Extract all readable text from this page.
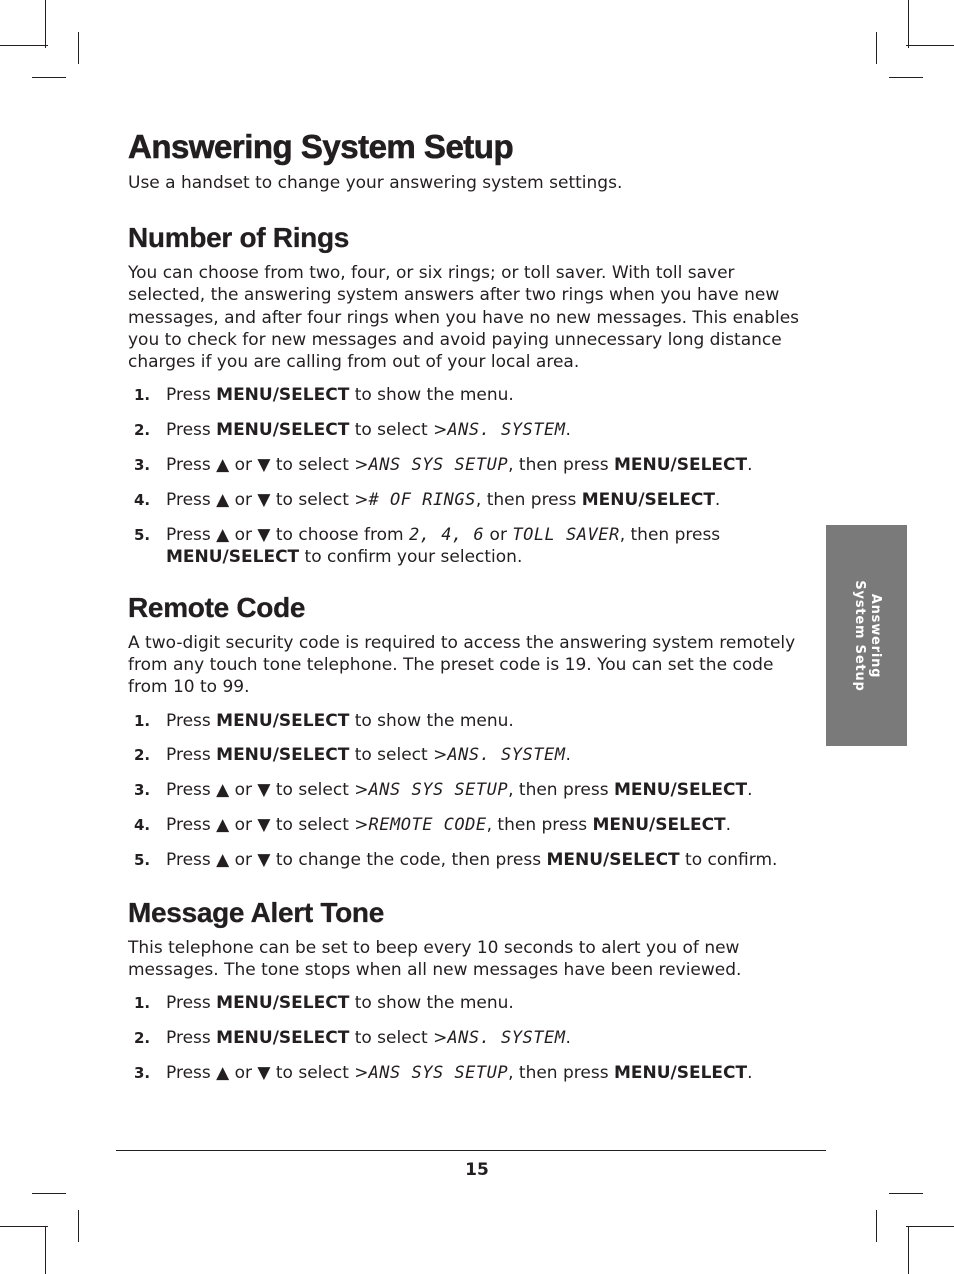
Answering System Setup

Use a handset to change your answering system settings.

Number of Rings

You can choose from two, four, or six rings; or toll saver. With toll saver selected, the answering system answers after two rings when you have new messages, and after four rings when you have no new messages. This enables you to check for new messages and avoid paying unnecessary long distance charges if you are calling from out of your local area.

1. Press MENU/SELECT to show the menu.
2. Press MENU/SELECT to select >ANS. SYSTEM.
3. Press ▲ or ▼ to select >ANS SYS SETUP, then press MENU/SELECT.
4. Press ▲ or ▼ to select ># OF RINGS, then press MENU/SELECT.
5. Press ▲ or ▼ to choose from 2, 4, 6 or TOLL SAVER, then press MENU/SELECT to confirm your selection.
Remote Code

A two-digit security code is required to access the answering system remotely from any touch tone telephone. The preset code is 19. You can set the code from 10 to 99.

1. Press MENU/SELECT to show the menu.
2. Press MENU/SELECT to select >ANS. SYSTEM.
3. Press ▲ or ▼ to select >ANS SYS SETUP, then press MENU/SELECT.
4. Press ▲ or ▼ to select >REMOTE CODE, then press MENU/SELECT.
5. Press ▲ or ▼ to change the code, then press MENU/SELECT to confirm.
Message Alert Tone

This telephone can be set to beep every 10 seconds to alert you of new messages. The tone stops when all new messages have been reviewed.

1. Press MENU/SELECT to show the menu.
2. Press MENU/SELECT to select >ANS. SYSTEM.
3. Press ▲ or ▼ to select >ANS SYS SETUP, then press MENU/SELECT.
Answering
System Setup
15
